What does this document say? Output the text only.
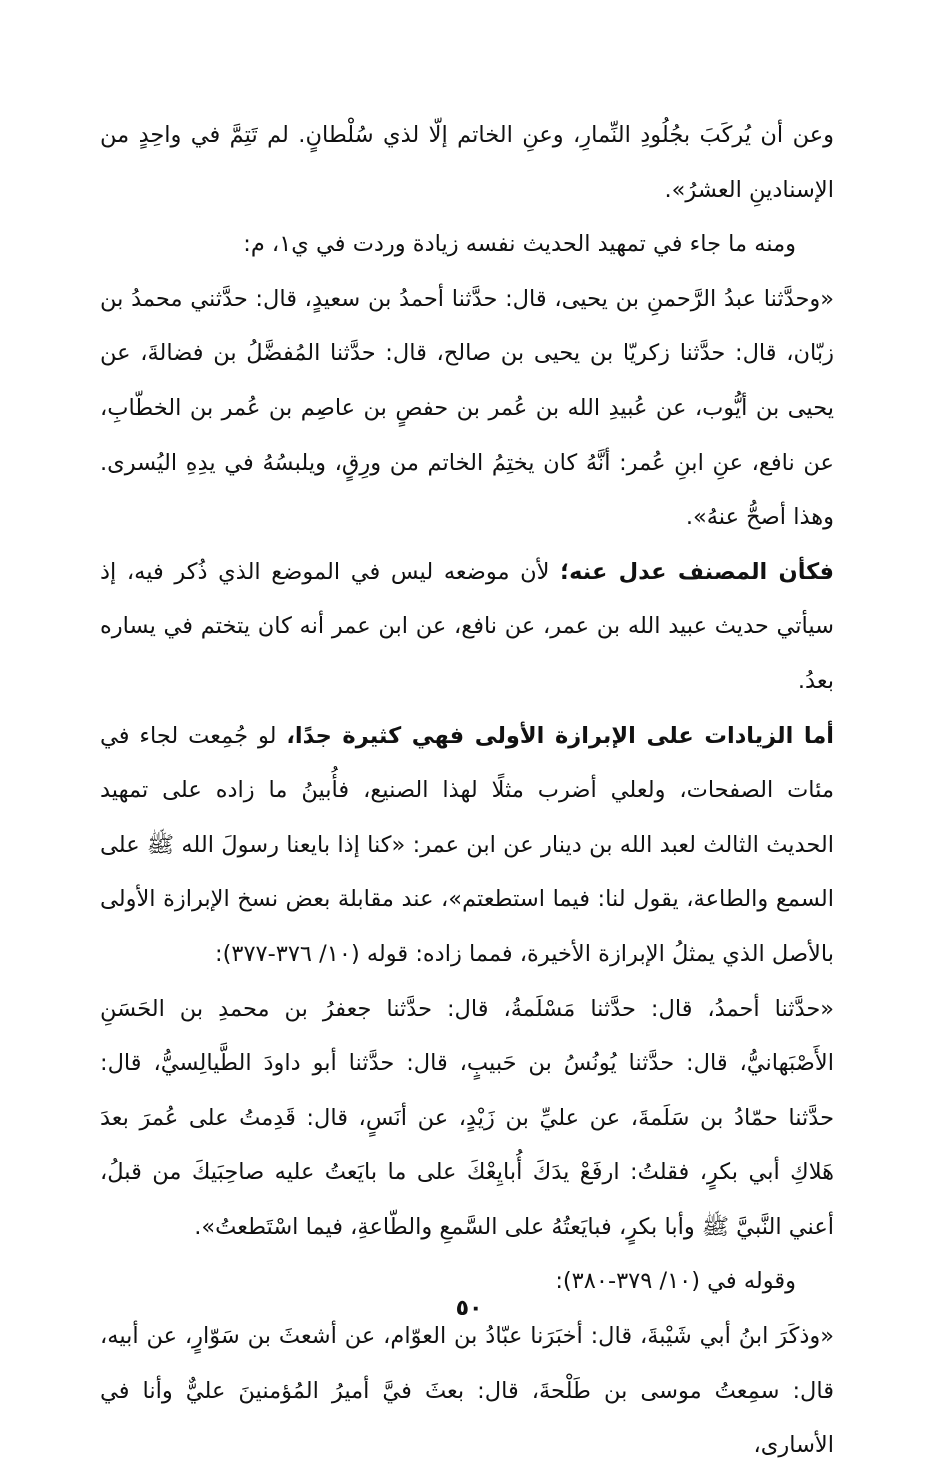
وعن أن يُركَبَ بجُلُودِ النِّمارِ، وعنِ الخاتم إلّا لذي سُلْطانٍ. لم تَتِمَّ في واحِدٍ من الإسنادينِ العشرُ».

ومنه ما جاء في تمهيد الحديث نفسه زيادة وردت في ي١، م:

«وحدَّثنا عبدُ الرَّحمنِ بن يحيى، قال: حدَّثنا أحمدُ بن سعيدٍ، قال: حدَّثني محمدُ بن زبّان، قال: حدَّثنا زكريّا بن يحيى بن صالح، قال: حدَّثنا المُفضَّلُ بن فضالةَ، عن يحيى بن أيُّوب، عن عُبيدِ الله بن عُمر بن حفصٍ بن عاصِم بن عُمر بن الخطّابِ، عن نافع، عنِ ابنِ عُمر: أنَّهُ كان يختِمُ الخاتم من ورِقٍ، ويلبسُهُ في يدِهِ اليُسرى. وهذا أصحُّ عنهُ».

فكأن المصنف عدل عنه؛ لأن موضعه ليس في الموضع الذي ذُكر فيه، إذ سيأتي حديث عبيد الله بن عمر، عن نافع، عن ابن عمر أنه كان يتختم في يساره بعدُ.

أما الزيادات على الإبرازة الأولى فهي كثيرة جدًا، لو جُمِعت لجاء في مئات الصفحات، ولعلي أضرب مثلًا لهذا الصنيع، فأُبينُ ما زاده على تمهيد الحديث الثالث لعبد الله بن دينار عن ابن عمر: «كنا إذا بايعنا رسولَ الله ﷺ على السمع والطاعة، يقول لنا: فيما استطعتم»، عند مقابلة بعض نسخ الإبرازة الأولى بالأصل الذي يمثلُ الإبرازة الأخيرة، فمما زاده: قوله (١٠/ ٣٧٦-٣٧٧):

«حدَّثنا أحمدُ، قال: حدَّثنا مَسْلَمةُ، قال: حدَّثنا جعفرُ بن محمدِ بن الحَسَنِ الأَصْبَهانيُّ، قال: حدَّثنا يُونُسُ بن حَبيبٍ، قال: حدَّثنا أبو داودَ الطَّيالِسيُّ، قال: حدَّثنا حمّادُ بن سَلَمةَ، عن عليِّ بن زَيْدٍ، عن أنَسٍ، قال: قَدِمتُ على عُمرَ بعدَ هَلاكِ أبي بكرٍ، فقلتُ: ارفَعْ يدَكَ أُبايِعْكَ على ما بايَعتُ عليه صاحِبَيكَ من قبلُ، أعني النَّبيَّ ﷺ وأبا بكرٍ، فبايَعتُهُ على السَّمعِ والطّاعةِ، فيما اسْتَطعتُ».

وقوله في (١٠/ ٣٧٩-٣٨٠):

«وذكَرَ ابنُ أبي شَيْبةَ، قال: أخبَرَنا عبّادُ بن العوّام، عن أشعثَ بن سَوّارٍ، عن أبيه، قال: سمِعتُ موسى بن طَلْحةَ، قال: بعثَ فيَّ أميرُ المُؤمنينَ عليٌّ وأنا في الأسارى،

٥٠
